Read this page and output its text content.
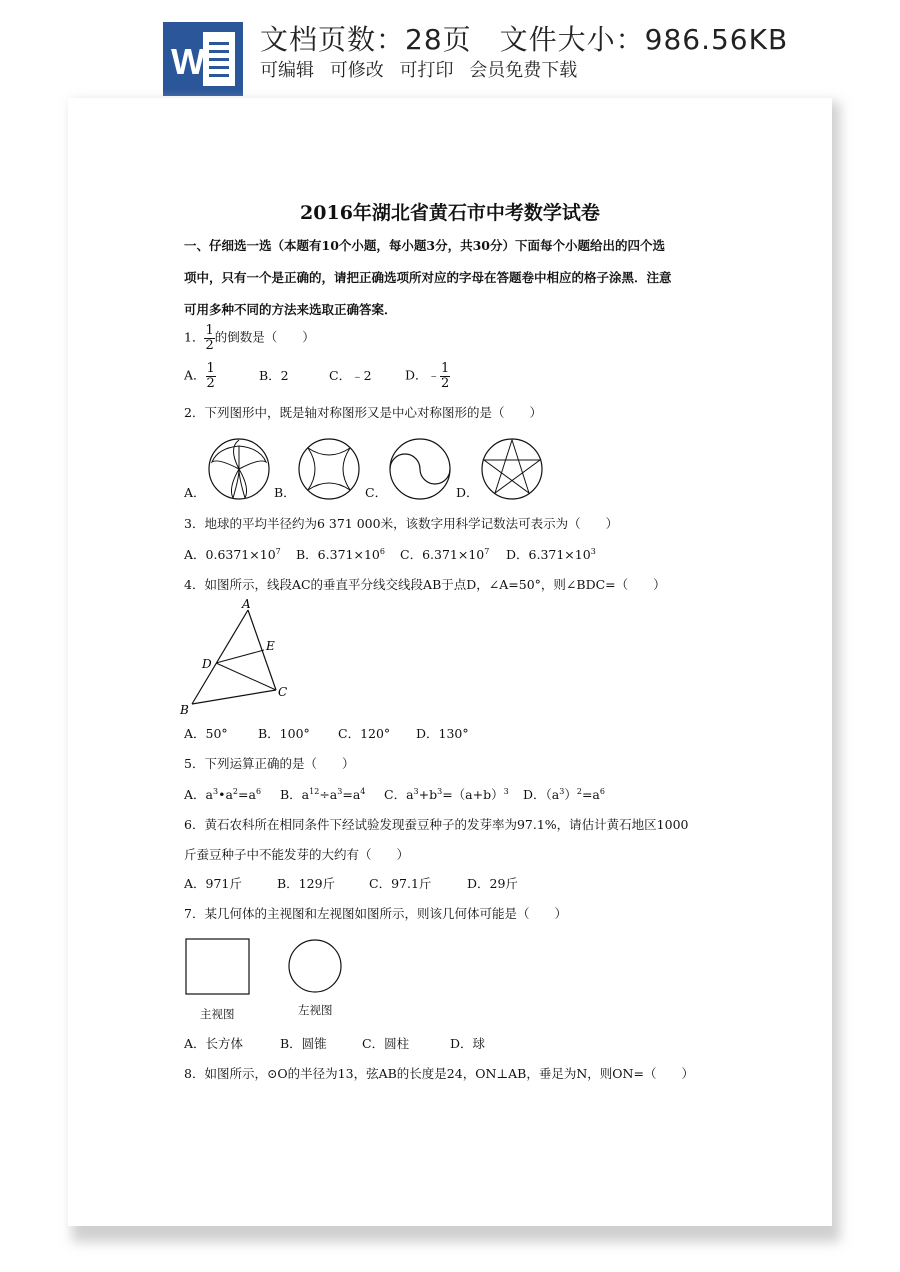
W
文档页数：28页 文件大小：986.56KB
可编辑 可修改 可打印 会员免费下载
2016年湖北省黄石市中考数学试卷
一、仔细选一选（本题有10个小题，每小题3分，共30分）下面每个小题给出的四个选
项中，只有一个是正确的，请把正确选项所对应的字母在答题卷中相应的格子涂黑．注意
可用多种不同的方法来选取正确答案．
1． $\frac{1}{2}$ 的倒数是（　　）
A． $\frac{1}{2}$	B．2	C．﹣2	D．﹣ $\frac{1}{2}$
2．下列图形中，既是轴对称图形又是中心对称图形的是（　　）
A．	B．	C．	D．
3．地球的平均半径约为6 371 000米，该数字用科学记数法可表示为（　　）
A．$0.6371\times 10^7$ B．$6.371\times 10^6$ C．$6.371\times 10^7$ D．$6.371\times 10^3$
4．如图所示，线段AC的垂直平分线交线段AB于点D，∠A=50°，则∠BDC=（　　）
A
E
D
C
B
A．50° B．100° C．120° D．130°
5．下列运算正确的是（　　）
A．$a^3•a^2=a^6$ B．$a^{12}\div a^3=a^4$ C．$a^3+b^3=(a+b)^3$ D．$(a^3)^2=a^6$
6．黄石农科所在相同条件下经试验发现蚕豆种子的发芽率为97.1%，请估计黄石地区1000
斤蚕豆种子中不能发芽的大约有（　　）
A．971斤	B．129斤	C．97.1斤	D．29斤
7．某几何体的主视图和左视图如图所示，则该几何体可能是（　　）
主视图	左视图
A．长方体	B．圆锥	C．圆柱	D．球
8．如图所示，⊙O的半径为13，弦AB的长度是24，ON⊥AB，垂足为N，则ON=（　　）
